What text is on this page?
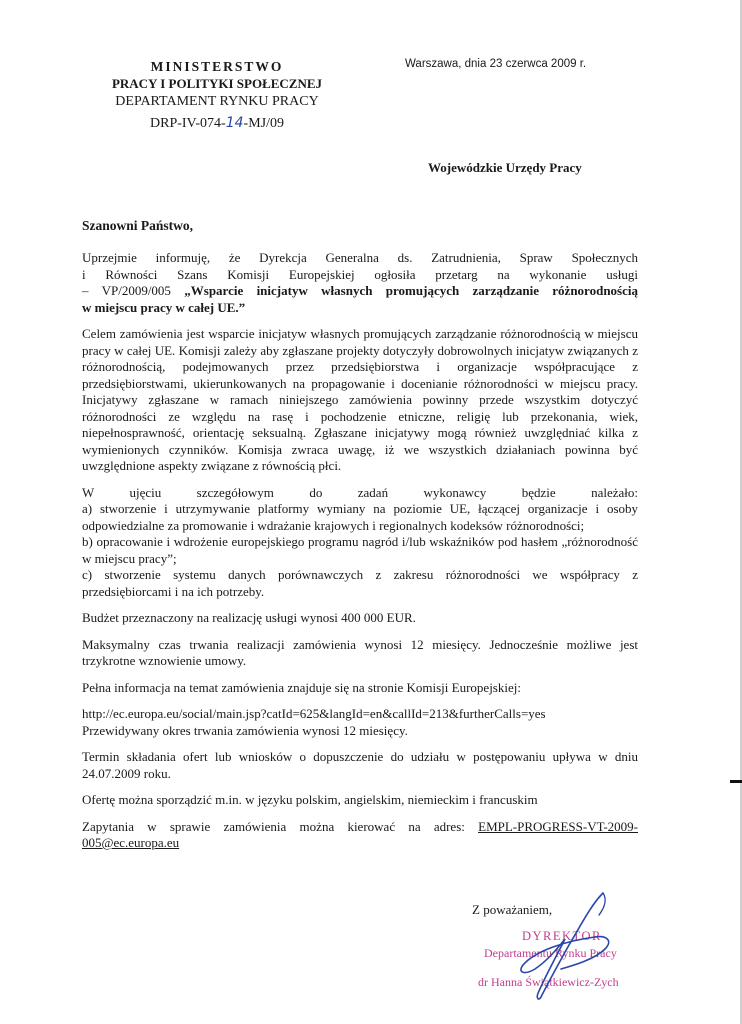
MINISTERSTWO
PRACY I POLITYKI SPOŁECZNEJ
DEPARTAMENT RYNKU PRACY
DRP-IV-074-14-MJ/09
Warszawa, dnia 23 czerwca 2009 r.
Wojewódzkie Urzędy Pracy
Szanowni Państwo,

Uprzejmie informuję, że Dyrekcja Generalna ds. Zatrudnienia, Spraw Społecznych
i Równości Szans Komisji Europejskiej ogłosiła przetarg na wykonanie usługi
– VP/2009/005 „Wsparcie inicjatyw własnych promujących zarządzanie różnorodnością
w miejscu pracy w całej UE.”

Celem zamówienia jest wsparcie inicjatyw własnych promujących zarządzanie różnorodnością w miejscu pracy w całej UE. Komisji zależy aby zgłaszane projekty dotyczyły dobrowolnych inicjatyw związanych z różnorodnością, podejmowanych przez przedsiębiorstwa i organizacje współpracujące z przedsiębiorstwami, ukierunkowanych na propagowanie i docenianie różnorodności w miejscu pracy. Inicjatywy zgłaszane w ramach niniejszego zamówienia powinny przede wszystkim dotyczyć różnorodności ze względu na rasę i pochodzenie etniczne, religię lub przekonania, wiek, niepełnosprawność, orientację seksualną. Zgłaszane inicjatywy mogą również uwzględniać kilka z wymienionych czynników. Komisja zwraca uwagę, iż we wszystkich działaniach powinna być uwzględnione aspekty związane z równością płci.

W ujęciu szczegółowym do zadań wykonawcy będzie należało:
a) stworzenie i utrzymywanie platformy wymiany na poziomie UE, łączącej organizacje i osoby odpowiedzialne za promowanie i wdrażanie krajowych i regionalnych kodeksów różnorodności;
b) opracowanie i wdrożenie europejskiego programu nagród i/lub wskaźników pod hasłem „różnorodność w miejscu pracy”;
c) stworzenie systemu danych porównawczych z zakresu różnorodności we współpracy z przedsiębiorcami i na ich potrzeby.

Budżet przeznaczony na realizację usługi wynosi 400 000 EUR.

Maksymalny czas trwania realizacji zamówienia wynosi 12 miesięcy. Jednocześnie możliwe jest trzykrotne wznowienie umowy.

Pełna informacja na temat zamówienia znajduje się na stronie Komisji Europejskiej:

http://ec.europa.eu/social/main.jsp?catId=625&langId=en&callId=213&furtherCalls=yes
Przewidywany okres trwania zamówienia wynosi 12 miesięcy.

Termin składania ofert lub wniosków o dopuszczenie do udziału w postępowaniu upływa w dniu 24.07.2009 roku.

Ofertę można sporządzić m.in. w języku polskim, angielskim, niemieckim i francuskim

Zapytania w sprawie zamówienia można kierować na adres: EMPL-PROGRESS-VT-2009-005@ec.europa.eu

Z poważaniem,
DYREKTOR
Departamentu Rynku Pracy
dr Hanna Świątkiewicz-Zych
